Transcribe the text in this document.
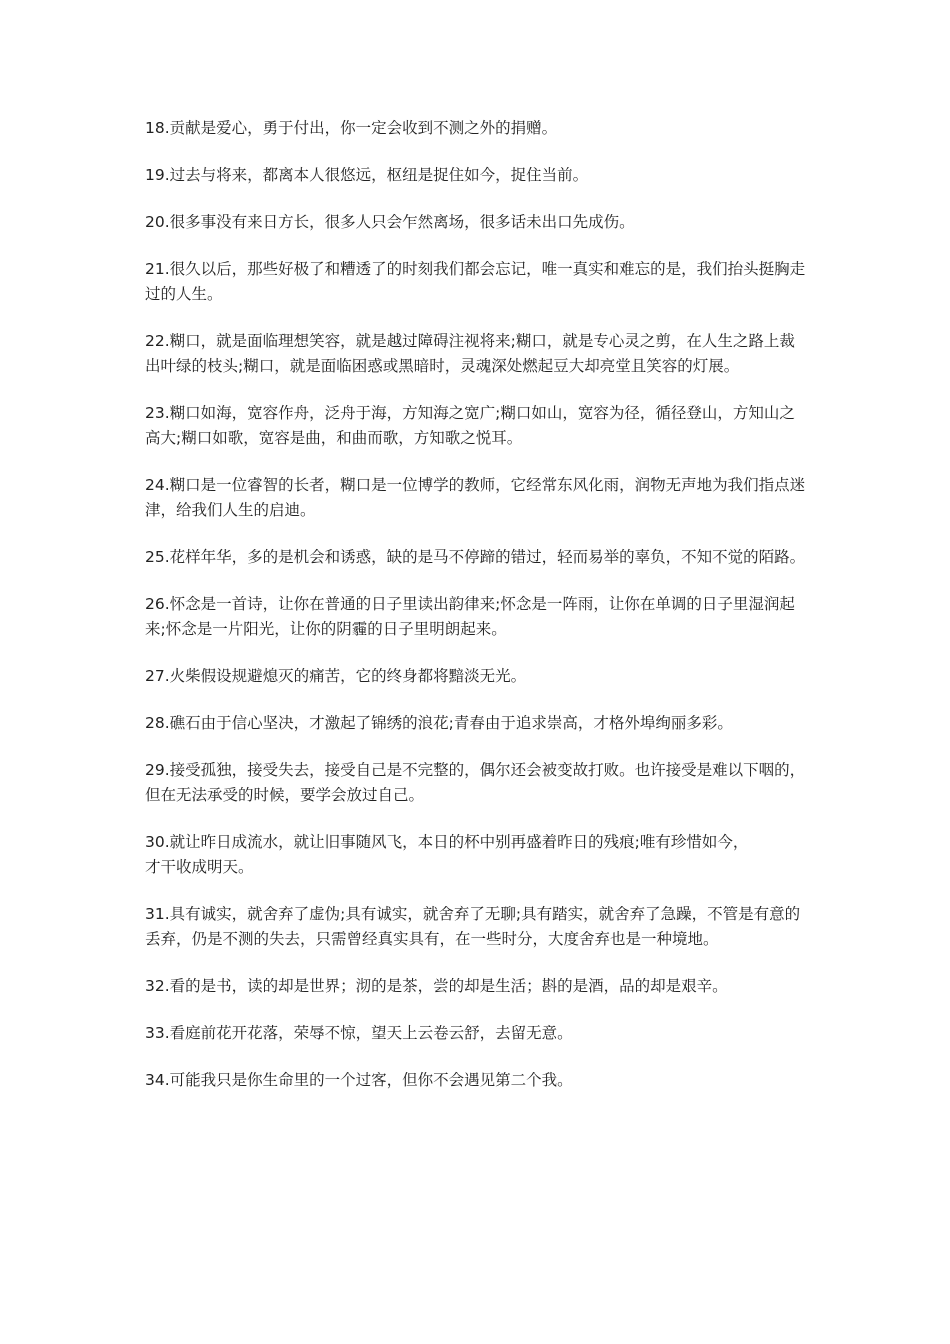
18.贡献是爱心，勇于付出，你一定会收到不测之外的捐赠。

19.过去与将来，都离本人很悠远，枢纽是捉住如今，捉住当前。

20.很多事没有来日方长，很多人只会乍然离场，很多话未出口先成伤。

21.很久以后，那些好极了和糟透了的时刻我们都会忘记，唯一真实和难忘的是，我们抬头挺胸走过的人生。

22.糊口，就是面临理想笑容，就是越过障碍注视将来;糊口，就是专心灵之剪，在人生之路上裁出叶绿的枝头;糊口，就是面临困惑或黑暗时，灵魂深处燃起豆大却亮堂且笑容的灯展。

23.糊口如海，宽容作舟，泛舟于海，方知海之宽广;糊口如山，宽容为径，循径登山，方知山之高大;糊口如歌，宽容是曲，和曲而歌，方知歌之悦耳。

24.糊口是一位睿智的长者，糊口是一位博学的教师，它经常东风化雨，润物无声地为我们指点迷津，给我们人生的启迪。

25.花样年华，多的是机会和诱惑，缺的是马不停蹄的错过，轻而易举的辜负，不知不觉的陌路。

26.怀念是一首诗，让你在普通的日子里读出韵律来;怀念是一阵雨，让你在单调的日子里湿润起来;怀念是一片阳光，让你的阴霾的日子里明朗起来。

27.火柴假设规避熄灭的痛苦，它的终身都将黯淡无光。

28.礁石由于信心坚决，才激起了锦绣的浪花;青春由于追求崇高，才格外埠绚丽多彩。

29.接受孤独，接受失去，接受自己是不完整的，偶尔还会被变故打败。也许接受是难以下咽的，但在无法承受的时候，要学会放过自己。

30.就让昨日成流水，就让旧事随风飞，本日的杯中别再盛着昨日的残痕;唯有珍惜如今，
才干收成明天。

31.具有诚实，就舍弃了虚伪;具有诚实，就舍弃了无聊;具有踏实，就舍弃了急躁，不管是有意的丢弃，仍是不测的失去，只需曾经真实具有，在一些时分，大度舍弃也是一种境地。

32.看的是书，读的却是世界；沏的是茶，尝的却是生活；斟的是酒，品的却是艰辛。

33.看庭前花开花落，荣辱不惊，望天上云卷云舒，去留无意。

34.可能我只是你生命里的一个过客，但你不会遇见第二个我。
